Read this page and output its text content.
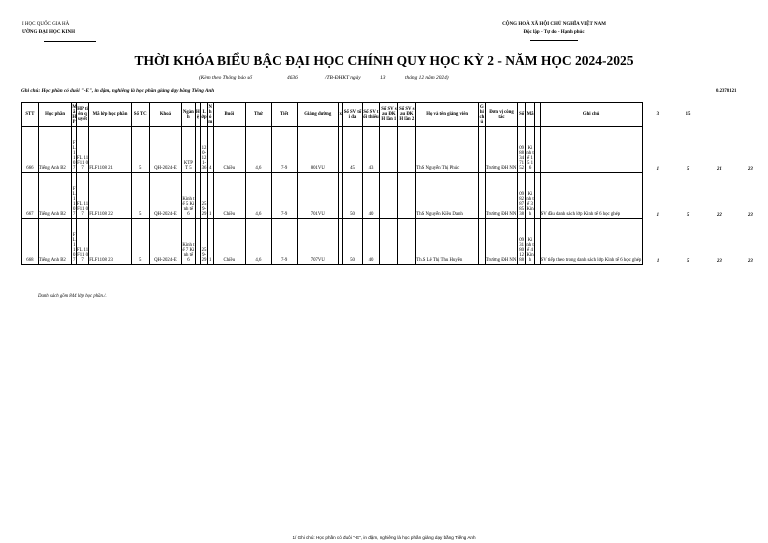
I HỌC QUỐC GIA HÀ
ƯỜNG ĐẠI HỌC KINH
CỘNG HOÀ XÃ HỘI CHỦ NGHĨA VIỆT NAM
Độc lập - Tự do - Hạnh phúc
THỜI KHÓA BIỂU BẬC ĐẠI HỌC CHÍNH QUY HỌC KỲ 2 - NĂM HỌC 2024-2025
(Kèm theo Thông báo số	4636	/TB-ĐHKT ngày	13	tháng 12 năm 2024)
Ghi chú: Học phần có đuôi "-E", in đậm, nghiêng là học phần giảng dạy bằng Tiếng Anh	0.2378121
STT	Học phần	Mã HP	HP tiên quyết	Mã lớp học phần	Số TC	Khoá	Ngành	Hệ	Lớp	Nhóm	Buổi	Thứ	Tiết	Giảng đường	x	Số SV tối đa	Số SV tối thiểu	Số SV sau ĐKH lần 1	Số SV sau ĐKH lần 2	Họ và tên giảng viên	Ghi chú	Đơn vị công tác	Số	Mã		Ghi chú	3	15		
666	Tiếng Anh B2	F L 1 1 0 7	FL 11 F11 07	FLF1108 21	5	QH-2024-E	KTP T 5		12 0- 12 1- 36	4	Chiều	4,6	7-9	801VU		45	43			ThS Nguyễn Thị Phúc		Trường ĐH NN	09 88 34 71 52	Ki nh tế 1 5 1 6			1	5	21	23
667	Tiếng Anh B2	F L 1 1 0 7	FL 11 F11 07	FLF1108 22	5	QH-2024-E	Kinh tế 5 Kinh tế 6		25 9- 29	1	Chiều	4,6	7-9	701VU		50	40			ThS Nguyễn Kiều Danh		Trường ĐH NN	09 82 87 85 38	Ki nh tế 3 Kinh		SV đầu danh sách lớp Kinh tế 6 học ghép	1	5	22	23
668	Tiếng Anh B2	F L 1 1 0 7	FL 11 F11 07	FLF1108 23	5	QH-2024-E	Kinh tế 7 Kinh tế 6		25 9- 29	1	Chiều	4,6	7-9	707VU		50	40			Th.S Lê Thị Thu Huyền		Trường ĐH NN	09 31 80 12 88	Ki nh tế 4 Kinh		SV tiếp theo trong danh sách lớp Kinh tế 6 học ghép	1	5	23	23
Danh sách gồm 844 lớp học phần./.
1/ Ghi chú: Học phần có đuôi "-E", in đậm, nghiêng là học phần giảng dạy bằng Tiếng Anh
